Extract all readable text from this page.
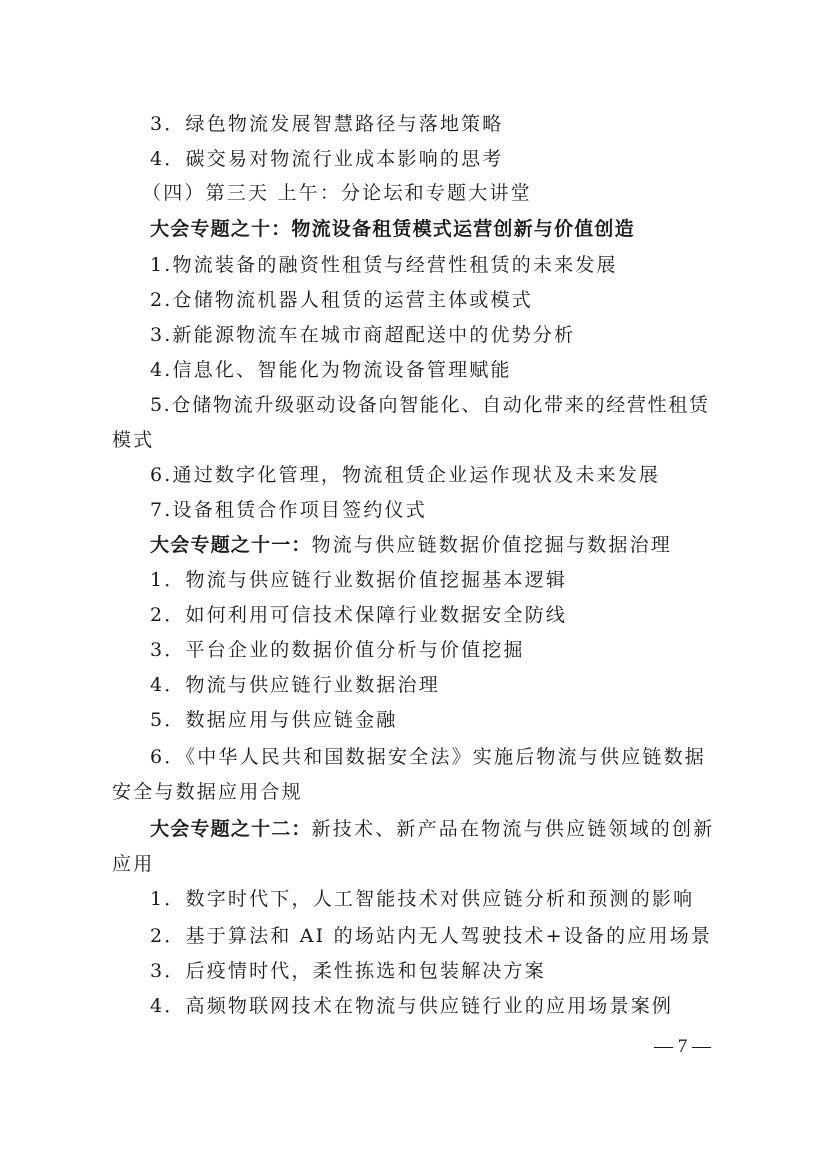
3．绿色物流发展智慧路径与落地策略
4．碳交易对物流行业成本影响的思考
（四）第三天 上午：分论坛和专题大讲堂
大会专题之十：物流设备租赁模式运营创新与价值创造
1.物流装备的融资性租赁与经营性租赁的未来发展
2.仓储物流机器人租赁的运营主体或模式
3.新能源物流车在城市商超配送中的优势分析
4.信息化、智能化为物流设备管理赋能
5.仓储物流升级驱动设备向智能化、自动化带来的经营性租赁
模式
6.通过数字化管理，物流租赁企业运作现状及未来发展
7.设备租赁合作项目签约仪式
大会专题之十一：物流与供应链数据价值挖掘与数据治理
1．物流与供应链行业数据价值挖掘基本逻辑
2．如何利用可信技术保障行业数据安全防线
3．平台企业的数据价值分析与价值挖掘
4．物流与供应链行业数据治理
5．数据应用与供应链金融
6．《中华人民共和国数据安全法》实施后物流与供应链数据
安全与数据应用合规
大会专题之十二：新技术、新产品在物流与供应链领域的创新
应用
1．数字时代下，人工智能技术对供应链分析和预测的影响
2．基于算法和 AI 的场站内无人驾驶技术+设备的应用场景
3．后疫情时代，柔性拣选和包装解决方案
4．高频物联网技术在物流与供应链行业的应用场景案例
— 7 —
